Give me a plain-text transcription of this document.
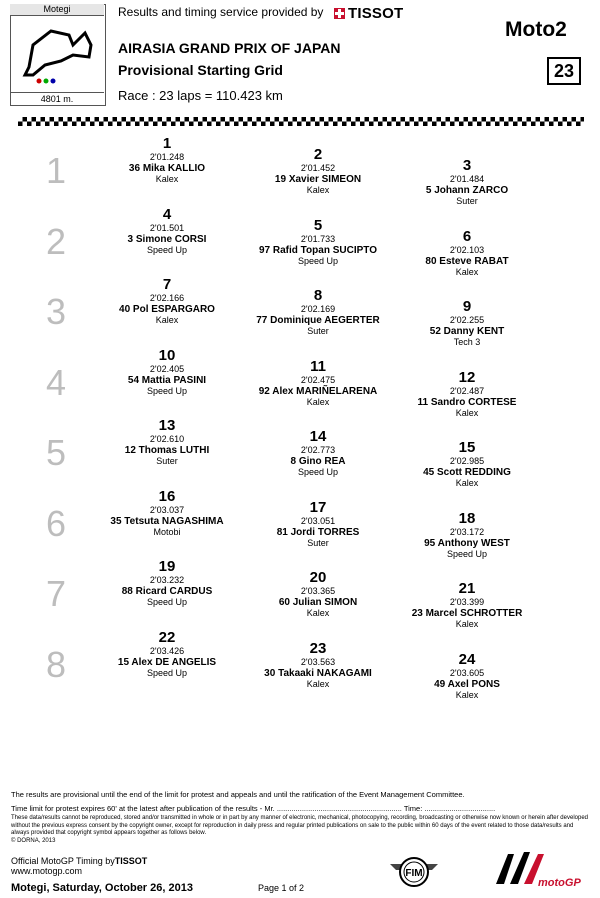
Motegi
4801 m.
Results and timing service provided by TISSOT
Moto2
AIRASIA GRAND PRIX OF JAPAN
Provisional Starting Grid	23
Race : 23 laps = 110.423 km
1
2
3
4
5
6
7
8
1
2'01.248
36 Mika KALLIO
Kalex
2
2'01.452
19 Xavier SIMEON
Kalex
3
2'01.484
5 Johann ZARCO
Suter
4
2'01.501
3 Simone CORSI
Speed Up
5
2'01.733
97 Rafid Topan SUCIPTO
Speed Up
6
2'02.103
80 Esteve RABAT
Kalex
7
2'02.166
40 Pol ESPARGARO
Kalex
8
2'02.169
77 Dominique AEGERTER
Suter
9
2'02.255
52 Danny KENT
Tech 3
10
2'02.405
54 Mattia PASINI
Speed Up
11
2'02.475
92 Alex MARIÑELARENA
Kalex
12
2'02.487
11 Sandro CORTESE
Kalex
13
2'02.610
12 Thomas LUTHI
Suter
14
2'02.773
8 Gino REA
Speed Up
15
2'02.985
45 Scott REDDING
Kalex
16
2'03.037
35 Tetsuta NAGASHIMA
Motobi
17
2'03.051
81 Jordi TORRES
Suter
18
2'03.172
95 Anthony WEST
Speed Up
19
2'03.232
88 Ricard CARDUS
Speed Up
20
2'03.365
60 Julian SIMON
Kalex
21
2'03.399
23 Marcel SCHROTTER
Kalex
22
2'03.426
15 Alex DE ANGELIS
Speed Up
23
2'03.563
30 Takaaki NAKAGAMI
Kalex
24
2'03.605
49 Axel PONS
Kalex
The results are provisional until the end of the limit for protest and appeals and until the ratification of the Event Management Committee.
Time limit for protest expires 60' at the latest after publication of the results - Mr. ............................................................ Time: ..................................
These data/results cannot be reproduced, stored and/or transmitted in whole or in part by any manner of electronic, mechanical, photocopying, recording, broadcasting or otherwise now known or herein after developed without the previous express consent by the copyright owner, except for reproduction in daily press and regular printed publications on sale to the public within 60 days of the event related to those data/results and always provided that copyright symbol appears together as follows below.
© DORNA, 2013
Official MotoGP Timing byTISSOT
www.motogp.com
Motegi, Saturday, October 26, 2013	Page 1 of 2
FIM
motoGP
